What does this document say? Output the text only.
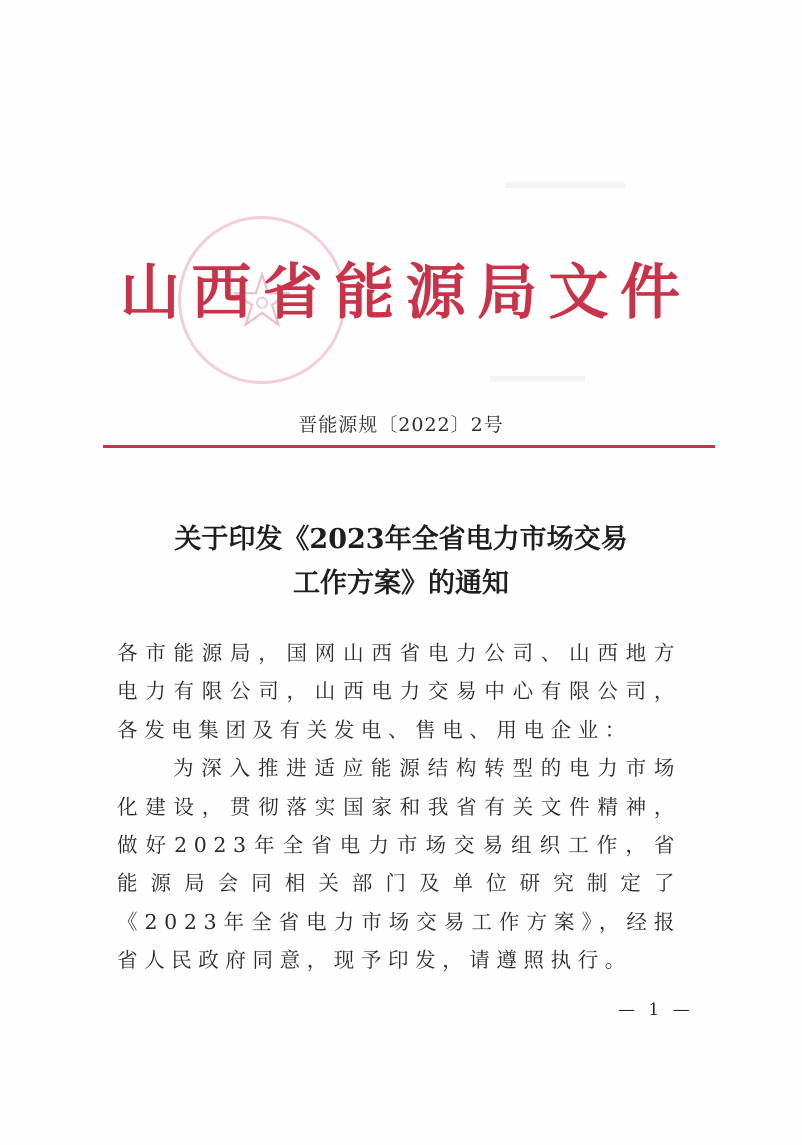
山 西 省 能 源 局 文 件
晋能源规〔2022〕2号
关于印发《2023年全省电力市场交易
工作方案》的通知

各市能源局，国网山西省电力公司、山西地方电力有限公司，山西电力交易中心有限公司，各发电集团及有关发电、售电、用电企业：

为深入推进适应能源结构转型的电力市场化建设，贯彻落实国家和我省有关文件精神，做好2023年全省电力市场交易组织工作，省能源局会同相关部门及单位研究制定了《2023年全省电力市场交易工作方案》，经报省人民政府同意，现予印发，请遵照执行。

— 1 —
